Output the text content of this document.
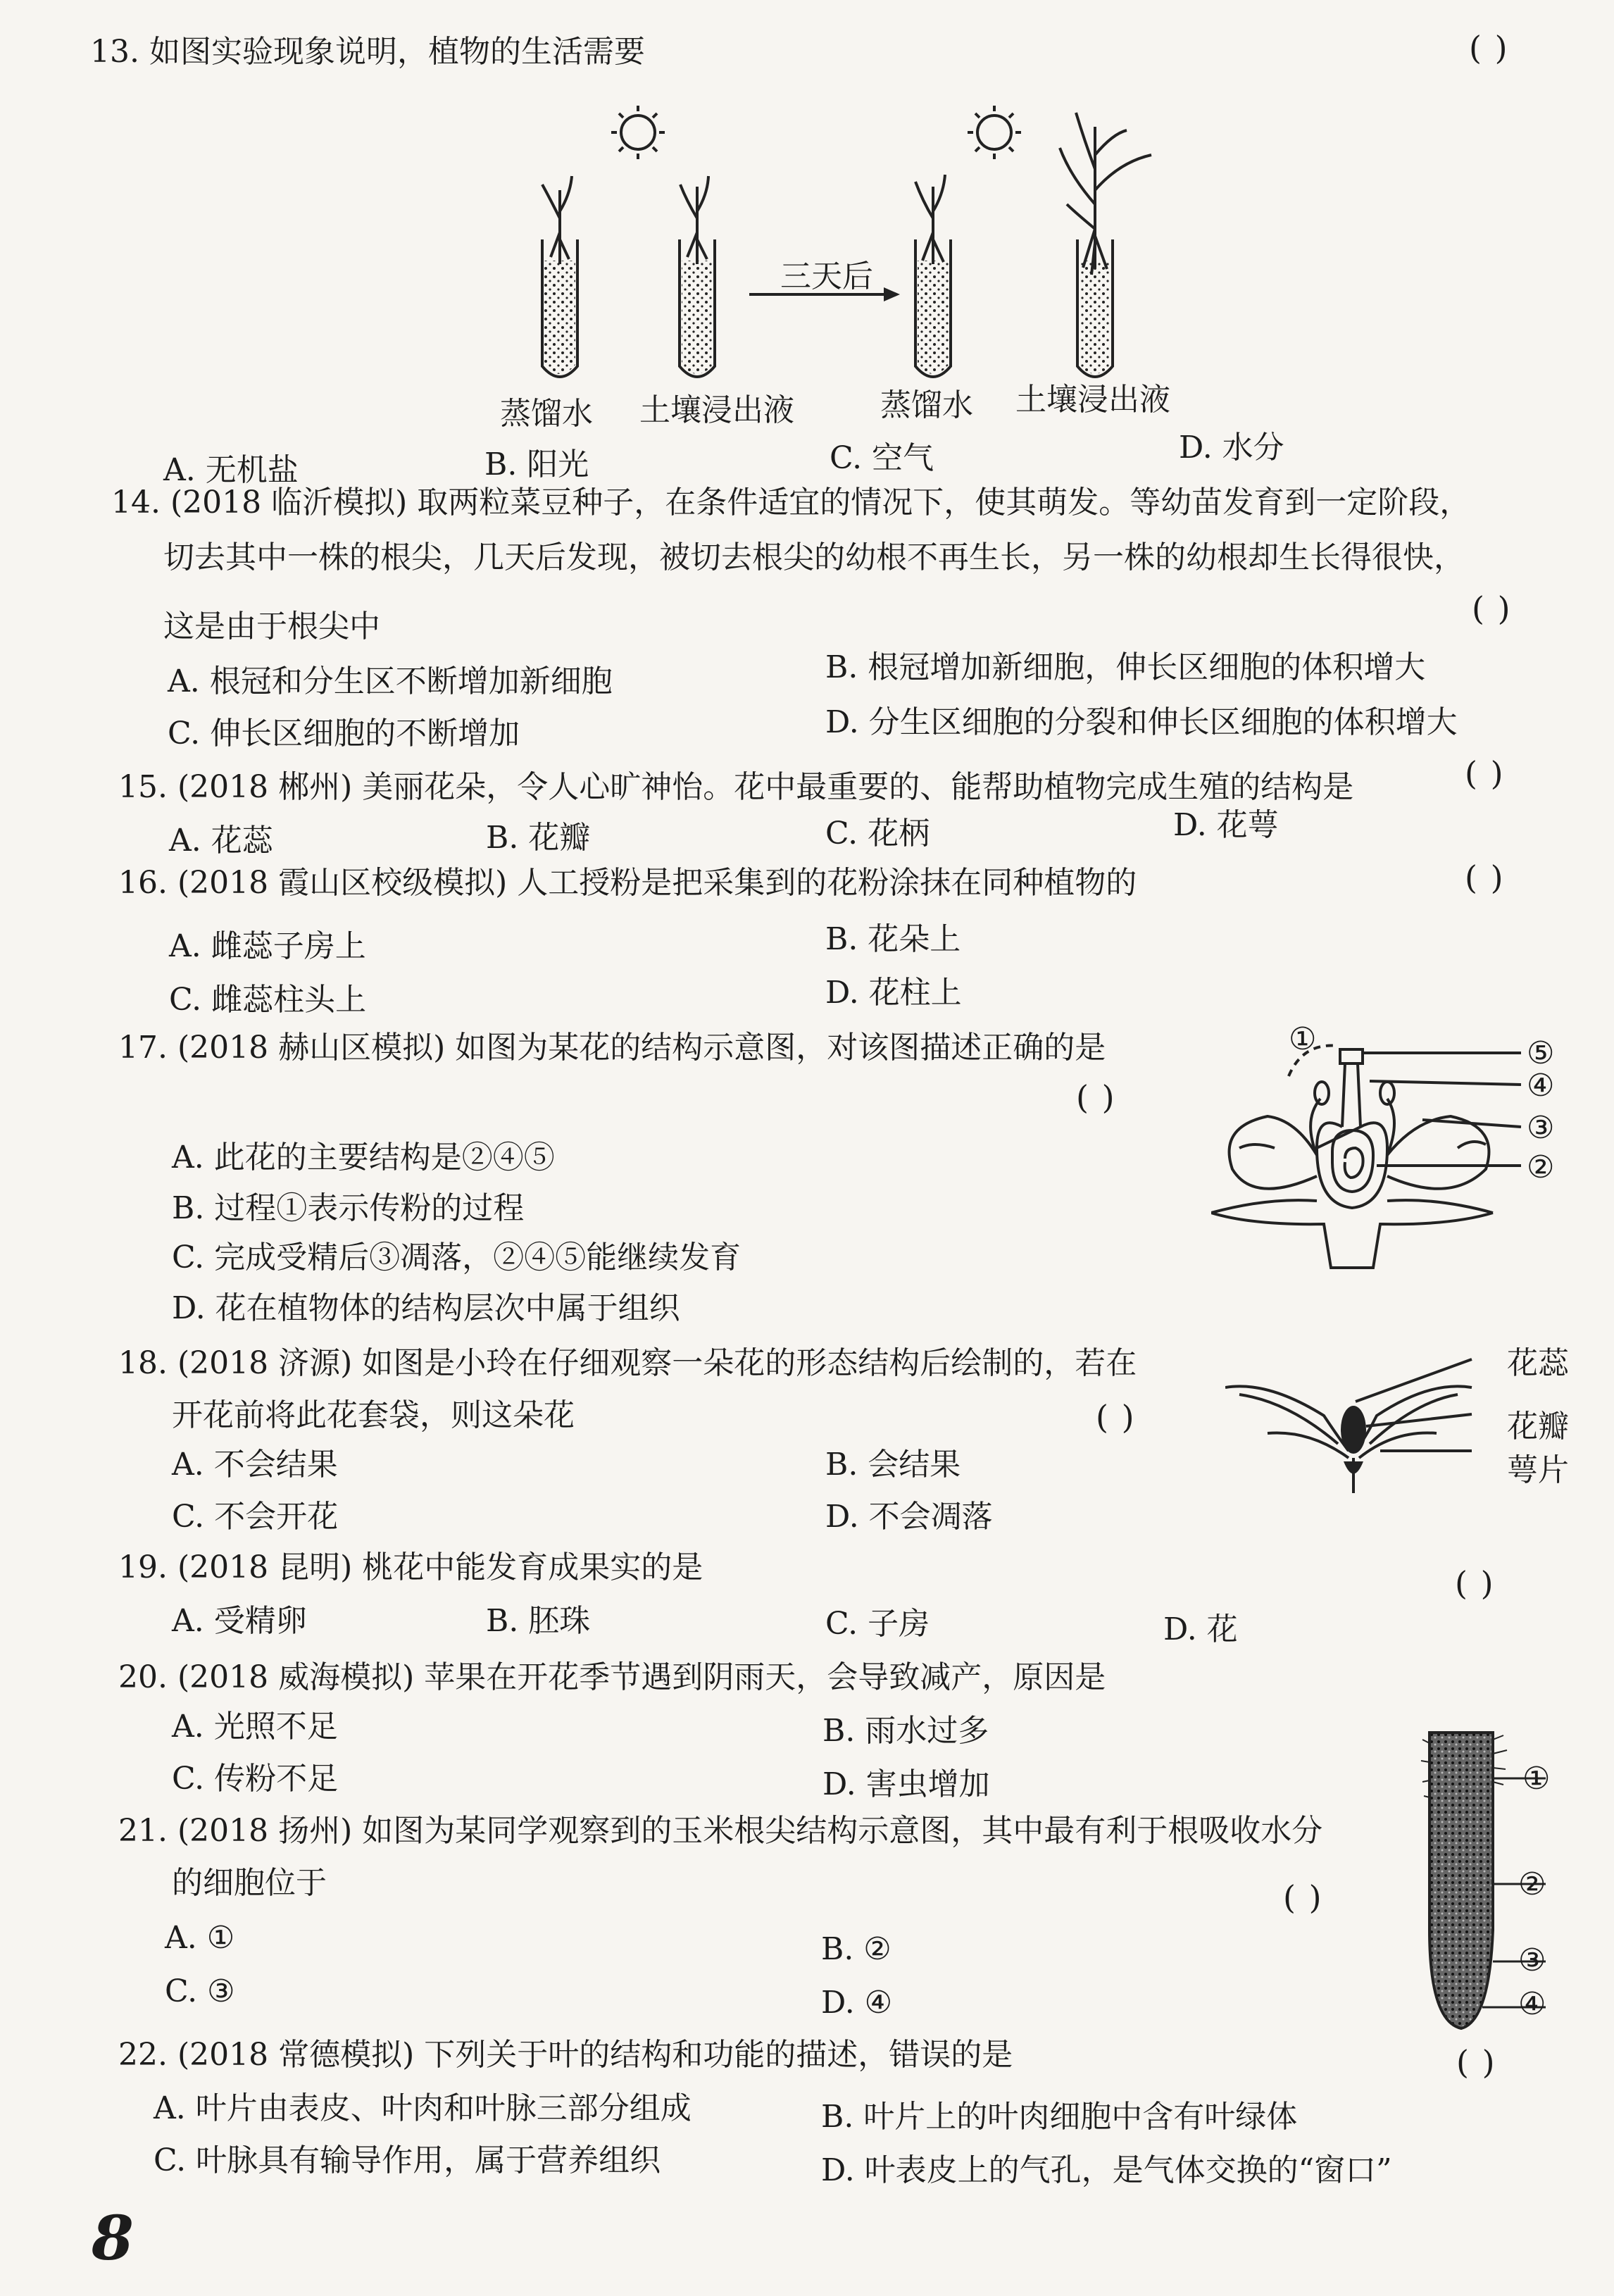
13. 如图实验现象说明，植物的生活需要	( )
蒸馏水 土壤浸出液
三天后
蒸馏水 土壤浸出液
A. 无机盐	B. 阳光	C. 空气	D. 水分
14. (2018 临沂模拟) 取两粒菜豆种子，在条件适宜的情况下，使其萌发。等幼苗发育到一定阶段，
切去其中一株的根尖，几天后发现，被切去根尖的幼根不再生长，另一株的幼根却生长得很快，
( )
这是由于根尖中
A. 根冠和分生区不断增加新细胞	B. 根冠增加新细胞，伸长区细胞的体积增大
C. 伸长区细胞的不断增加	D. 分生区细胞的分裂和伸长区细胞的体积增大
15. (2018 郴州) 美丽花朵，令人心旷神怡。花中最重要的、能帮助植物完成生殖的结构是	( )
A. 花蕊	B. 花瓣	C. 花柄	D. 花萼
16. (2018 霞山区校级模拟) 人工授粉是把采集到的花粉涂抹在同种植物的	( )
A. 雌蕊子房上	B. 花朵上
C. 雌蕊柱头上	D. 花柱上
17. (2018 赫山区模拟) 如图为某花的结构示意图，对该图描述正确的是
( )
A. 此花的主要结构是②④⑤
B. 过程①表示传粉的过程
C. 完成受精后③凋落，②④⑤能继续发育
D. 花在植物体的结构层次中属于组织
①	⑤
④
③
②
18. (2018 济源) 如图是小玲在仔细观察一朵花的形态结构后绘制的，若在
开花前将此花套袋，则这朵花	( )
A. 不会结果	B. 会结果
C. 不会开花	D. 不会凋落
花蕊
花瓣
萼片
19. (2018 昆明) 桃花中能发育成果实的是	( )
A. 受精卵	B. 胚珠	C. 子房	D. 花
20. (2018 威海模拟) 苹果在开花季节遇到阴雨天，会导致减产，原因是
A. 光照不足	B. 雨水过多
C. 传粉不足	D. 害虫增加
21. (2018 扬州) 如图为某同学观察到的玉米根尖结构示意图，其中最有利于根吸收水分
的细胞位于	( )
A. ①	B. ②
C. ③	D. ④
①
②
③
④
22. (2018 常德模拟) 下列关于叶的结构和功能的描述，错误的是	( )
A. 叶片由表皮、叶肉和叶脉三部分组成	B. 叶片上的叶肉细胞中含有叶绿体
C. 叶脉具有输导作用，属于营养组织	D. 叶表皮上的气孔，是气体交换的“窗口”
8
